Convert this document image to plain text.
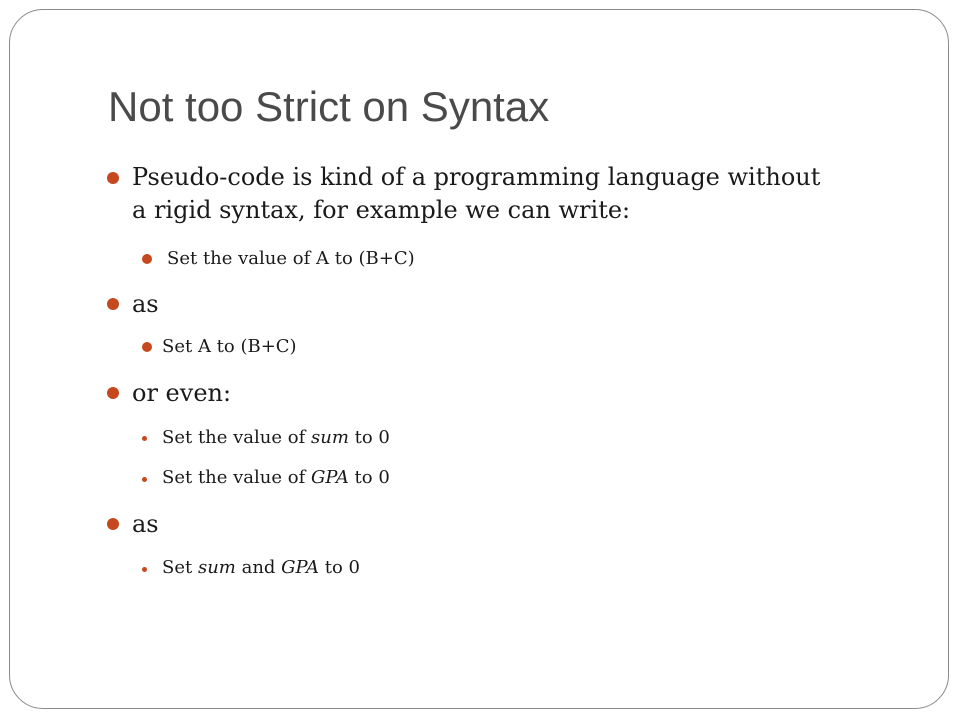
Not too Strict on Syntax
Pseudo-code is kind of a programming language without
a rigid syntax, for example we can write:
Set the value of A to (B+C)
as
Set A to (B+C)
or even:
Set the value of sum to 0
Set the value of GPA to 0
as
Set sum and GPA to 0
